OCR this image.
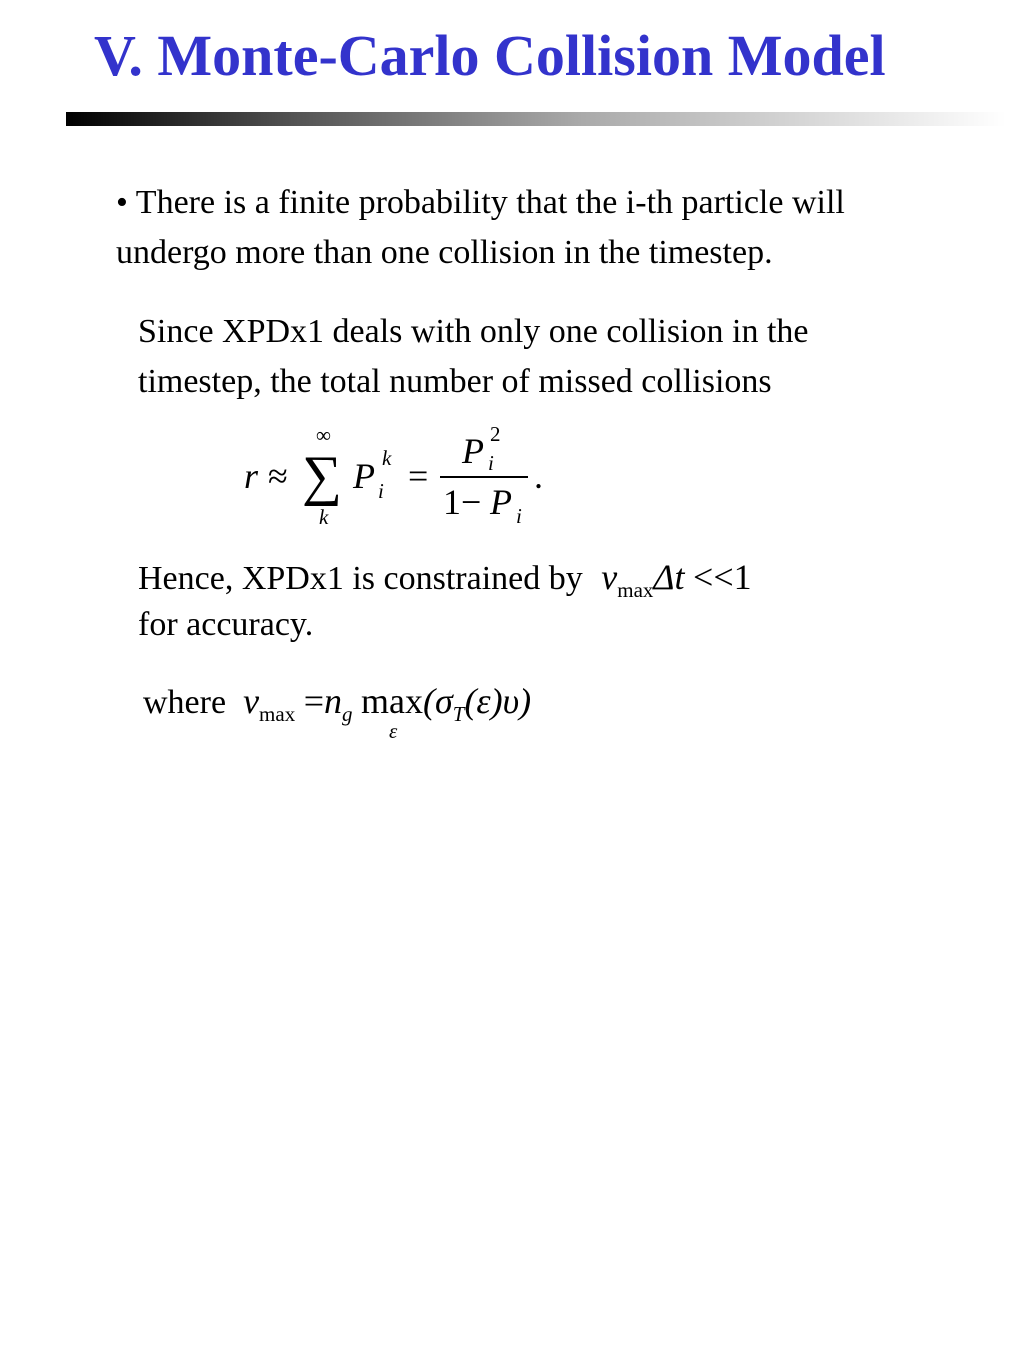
V. Monte-Carlo Collision Model
• There is a finite probability that the i-th particle will
undergo more than one collision in the timestep.
Since XPDx1 deals with only one collision in the
timestep, the total number of missed collisions
r ≈ ∑
∞
k
P i
k =
P i
2
1− P i
.
Hence, XPDx1 is constrained by $v_{max}\Delta t <<1$
for accuracy.
where $v_{max} =n_g$ max
ε
$(\sigma_T(\varepsilon)\upsilon)$
